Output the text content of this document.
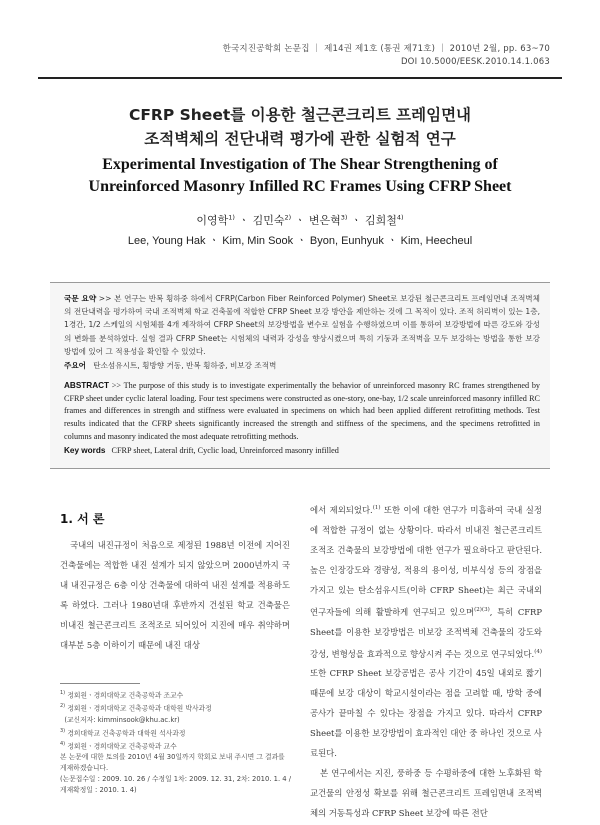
한국지진공학회 논문집 ｜ 제14권 제1호 (통권 제71호) ｜ 2010년 2월, pp. 63~70
DOI 10.5000/EESK.2010.14.1.063
CFRP Sheet를 이용한 철근콘크리트 프레임면내
조적벽체의 전단내력 평가에 관한 실험적 연구
Experimental Investigation of The Shear Strengthening of
Unreinforced Masonry Infilled RC Frames Using CFRP Sheet
이영학$^{1)}$ ㆍ 김민숙$^{2)}$ ㆍ 변은혁$^{3)}$ ㆍ 김희철$^{4)}$
Lee, Young Hak ㆍ Kim, Min Sook ㆍ Byon, Eunhyuk ㆍ Kim, Heecheul

국문 요약 >> 본 연구는 반복 횡하중 하에서 CFRP(Carbon Fiber Reinforced Polymer) Sheet로 보강된 철근콘크리트 프레임면내 조적벽체의 전단내력을 평가하여 국내 조적벽체 학교 건축물에 적합한 CFRP Sheet 보강 방안을 제안하는 것에 그 목적이 있다. 조적 허리벽이 있는 1층, 1경간, 1/2 스케일의 시험체를 4개 제작하여 CFRP Sheet의 보강방법을 변수로 실험을 수행하였으며 이를 통하여 보강방법에 따른 강도와 강성의 변화를 분석하였다. 실험 결과 CFRP Sheet는 시험체의 내력과 강성을 향상시켰으며 특히 기둥과 조적벽을 모두 보강하는 방법을 통한 보강방법에 있어 그 적용성을 확인할 수 있었다.

주요어 탄소섬유시트, 횡방향 거동, 반복 횡하중, 비보강 조적벽

ABSTRACT >> The purpose of this study is to investigate experimentally the behavior of unreinforced masonry RC frames strengthened by CFRP sheet under cyclic lateral loading. Four test specimens were constructed as one-story, one-bay, 1/2 scale unreinforced masonry infilled RC frames and differences in strength and stiffness were evaluated in specimens on which had been applied different retrofitting methods. Test results indicated that the CFRP sheets significantly increased the strength and stiffness of the specimens, and the specimens retrofitted in columns and masonry indicated the most adequate retrofitting methods.

Key words CFRP sheet, Lateral drift, Cyclic load, Unreinforced masonry infilled

1. 서 론

국내의 내진규정이 처음으로 제정된 1988년 이전에 지어진 건축물에는 적합한 내진 설계가 되지 않았으며 2000년까지 국내 내진규정은 6층 이상 건축물에 대하여 내진 설계를 적용하도록 하였다. 그러나 1980년대 후반까지 건설된 학교 건축물은 비내진 철근콘크리트 조적조로 되어있어 지진에 매우 취약하며 대부분 5층 이하이기 때문에 내진 대상

에서 제외되었다.$^{(1)}$ 또한 이에 대한 연구가 미흡하여 국내 실정에 적합한 규정이 없는 상황이다. 따라서 비내진 철근콘크리트 조적조 건축물의 보강방법에 대한 연구가 필요하다고 판단된다. 높은 인장강도와 경량성, 적용의 용이성, 비부식성 등의 장점을 가지고 있는 탄소섬유시트(이하 CFRP Sheet)는 최근 국내외 연구자들에 의해 활발하게 연구되고 있으며$^{(2)(3)}$, 특히 CFRP Sheet를 이용한 보강방법은 비보강 조적벽체 건축물의 강도와 강성, 변형성을 효과적으로 향상시켜 주는 것으로 연구되었다.$^{(4)}$ 또한 CFRP Sheet 보강공법은 공사 기간이 45일 내외로 짧기 때문에 보강 대상이 학교시설이라는 점을 고려할 때, 방학 중에 공사가 끝마칠 수 있다는 장점을 가지고 있다. 따라서 CFRP Sheet를 이용한 보강방법이 효과적인 대안 중 하나인 것으로 사료된다.

본 연구에서는 지진, 풍하중 등 수평하중에 대한 노후화된 학교건물의 안정성 확보를 위해 철근콘크리트 프레임면내 조적벽체의 거동특성과 CFRP Sheet 보강에 따른 전단

$^{1)}$ 정회원ㆍ경희대학교 건축공학과 조교수
$^{2)}$ 정회원ㆍ경희대학교 건축공학과 대학원 박사과정
(교신저자: kimminsook@khu.ac.kr)
$^{3)}$ 경희대학교 건축공학과 대학원 석사과정
$^{4)}$ 정회원ㆍ경희대학교 건축공학과 교수

본 논문에 대한 토의를 2010년 4월 30일까지 학회로 보내 주시면 그 결과를 게재하겠습니다.
(논문접수일 : 2009. 10. 26 / 수정일 1차: 2009. 12. 31, 2차: 2010. 1. 4 / 게재확정일 : 2010. 1. 4)
